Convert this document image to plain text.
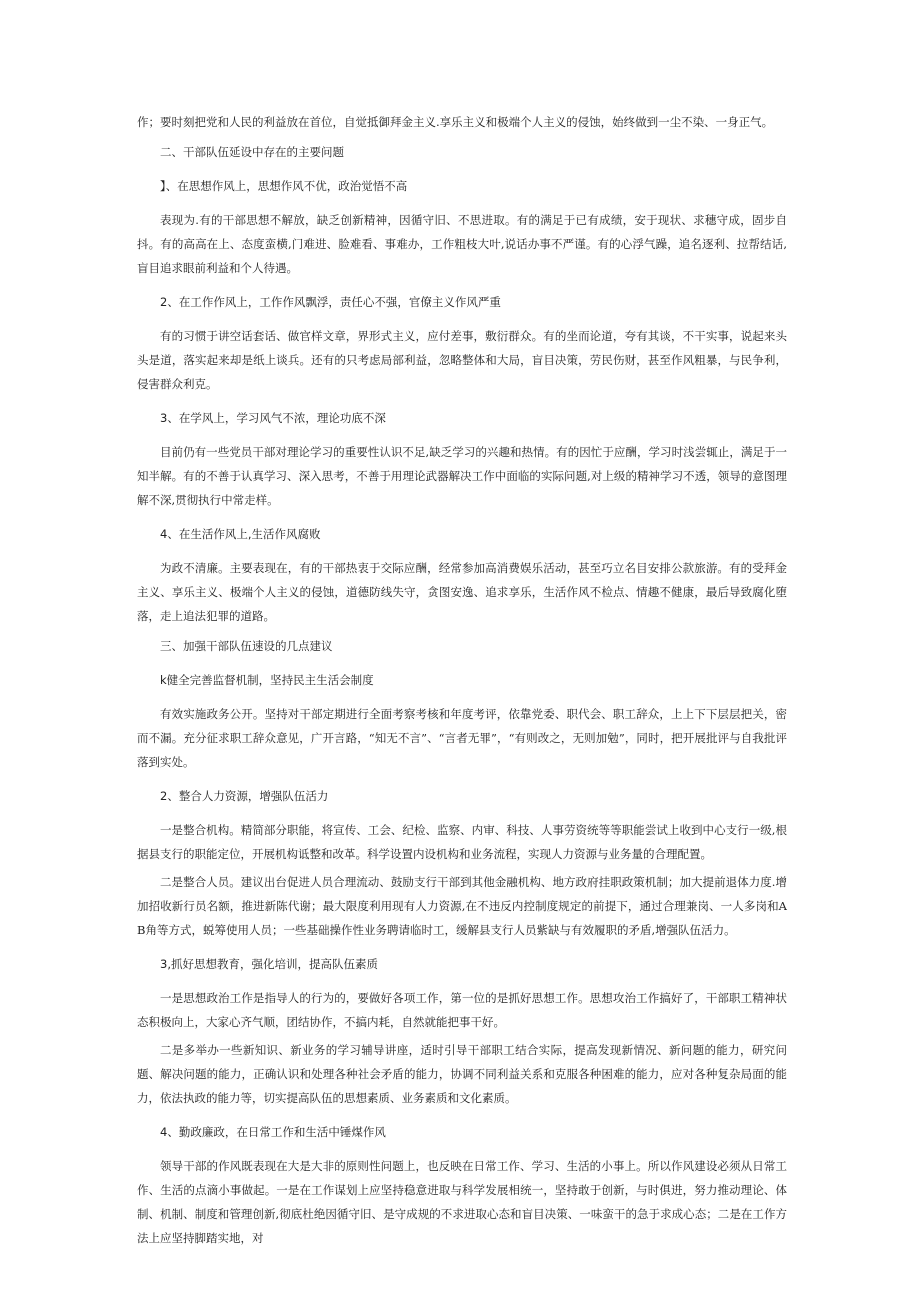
作；要时刻把党和人民的利益放在首位，自觉抵御拜金主义.享乐主义和极端个人主义的侵蚀，始终做到一尘不染、一身正气。

二、干部队伍延设中存在的主要问题
】、在思想作风上，思想作风不优，政治觉悟不高

表现为.有的干部思想不解放，缺乏创新精神，因循守旧、不思进取。有的满足于已有成绩，安于现状、求穗守成，固步自抖。有的高高在上、态度蛮横,门难进、脸难看、事难办，工作粗枝大叶,说话办事不严谨。有的心浮气躁，追名逐利、拉帮结话,盲目追求眼前利益和个人待遇。

2、在工作作风上，工作作风飘浮，责任心不强，官僚主义作风严重

有的习惯于讲空话套话、做官样文章，界形式主义，应付差事，敷衍群众。有的坐而论道，夸有其谈，不干实事，说起来头头是道，落实起来却是纸上谈兵。还有的只考虑局部利益，忽略整体和大局，盲目决策，劳民伤财，甚至作风粗暴，与民争利，侵害群众利克。

3、在学风上，学习风气不浓，理论功底不深

目前仍有一些党员干部对理论学习的重要性认识不足,缺乏学习的兴趣和热情。有的因忙于应酬，学习时浅尝辄止，满足于一知半解。有的不善于认真学习、深入思考，不善于用理论武器解决工作中面临的实际问题,对上级的精神学习不透，领导的意图理解不深,贯彻执行中常走样。

4、在生活作风上,生活作风腐败

为政不清廉。主要表现在，有的干部热衷于交际应酬，经常参加高消费娱乐活动，甚至巧立名目安排公款旅游。有的受拜金主义、享乐主义、极端个人主义的侵蚀，道德防线失守，贪图安逸、追求享乐，生活作风不检点、情趣不健康，最后导致腐化堕落，走上追法犯罪的道路。

三、加强干部队伍速设的几点建议
k健全完善监督机制，坚持民主生活会制度

有效实施政务公开。坚持对干部定期进行全面考察考核和年度考评，依靠党委、职代会、职工辞众，上上下下层层把关，密而不漏。充分征求职工辞众意见，广开言路，“知无不言”、“言者无罪”，“有则改之，无则加勉”，同时，把开展批评与自我批评落到实处。

2、整合人力资源，增强队伍活力

一是整合机构。精简部分职能，将宣传、工会、纪检、监察、内审、科技、人事劳资统等等职能尝试上收到中心支行一级,根据县支行的职能定位，开展机构诋整和改革。科学设置内设机构和业务流程，实现人力资源与业务量的合理配置。

二是整合人员。建议出台促进人员合理流动、鼓励支行干部到其他金融机构、地方政府挂职政策机制；加大提前退体力度.增加招收新行员名额，推进新陈代谢；最大限度利用现有人力资源,在不违反内控制度规定的前提下，通过合理兼岗、一人多岗和AB角等方式，蜕筹使用人员；一些基础操作性业务聘请临时工，缓解县支行人员紫缺与有效履职的矛盾,增强队伍活力。

3,抓好思想教育，强化培训，提高队伍素质

一是思想政治工作是指导人的行为的，要做好各项工作，第一位的是抓好思想工作。思想攻治工作搞好了，干部职工精神状态积极向上，大家心齐气顺，团结协作，不搞内耗，自然就能把事干好。

二是多举办一些新知识、新业务的学习辅导讲座，适时引导干部职工结合实际，提高发现新情况、新问题的能力，研究问题、解决问题的能力，正确认识和处理各种社会矛盾的能力，协调不同利益关系和克服各种困难的能力，应对各种复杂局面的能力，依法执政的能力等，切实提高队伍的思想素质、业务素质和文化素质。

4、勤政廉政，在日常工作和生活中锤煤作风

领导干部的作风既表现在大是大非的原则性问题上，也反映在日常工作、学习、生活的小事上。所以作风建设必须从日常工作、生活的点滴小事做起。一是在工作谋划上应坚持稳意进取与科学发展相统一，坚持敢于创新，与时俱进，努力推动理论、体制、机制、制度和管理创新,彻底杜绝因循守旧、是守成规的不求进取心态和盲目决策、一味蛮干的急于求成心态；二是在工作方法上应坚持脚踏实地，对
